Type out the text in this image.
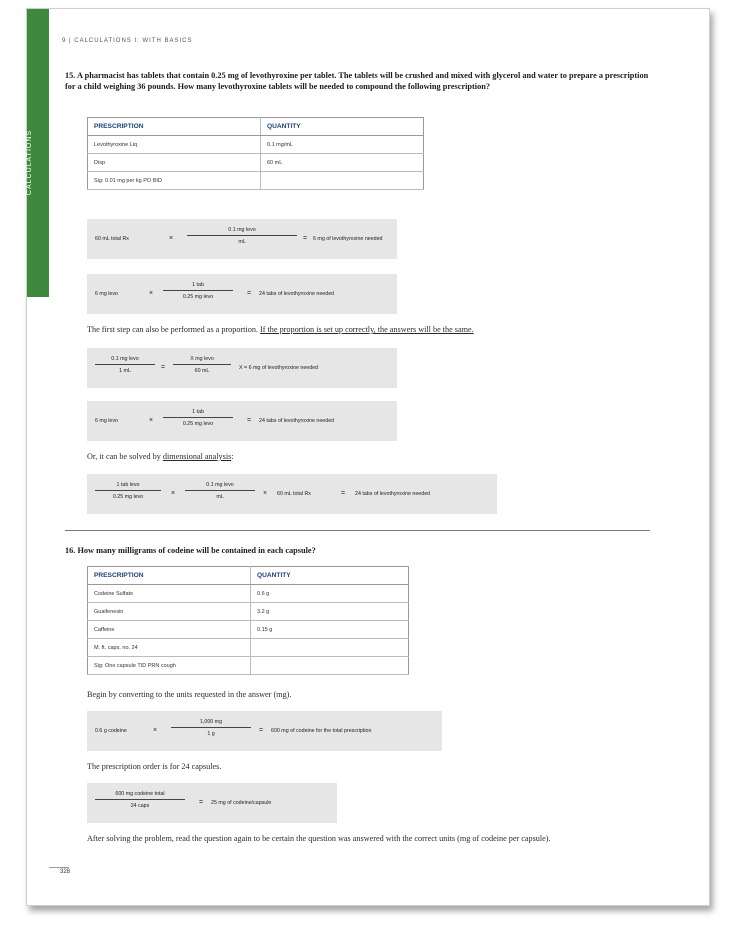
CALCULATIONS
9 | CALCULATIONS I: WITH BASICS
15. A pharmacist has tablets that contain 0.25 mg of levothyroxine per tablet. The tablets will be crushed and mixed with glycerol and water to prepare a prescription for a child weighing 36 pounds. How many levothyroxine tablets will be needed to compound the following prescription?
PRESCRIPTION	QUANTITY
Levothyroxine Liq	0.1 mg/mL
Disp	60 mL
Sig: 0.01 mg per kg PO BID	
60 mL total Rx	×
0.1 mg levo
mL	= 6 mg of levothyroxine needed
6 mg levo	×
1 tab
0.25 mg levo	= 24 tabs of levothyroxine needed
The first step can also be performed as a proportion. If the proportion is set up correctly, the answers will be the same.
0.1 mg levo
1 mL	=
X mg levo
60 mL	X = 6 mg of levothyroxine needed
6 mg levo	×
1 tab
0.25 mg levo	= 24 tabs of levothyroxine needed
Or, it can be solved by dimensional analysis:
1 tab levo
0.25 mg levo	×
0.1 mg levo
mL	× 60 mL total Rx	= 24 tabs of levothyroxine needed
16. How many milligrams of codeine will be contained in each capsule?
PRESCRIPTION	QUANTITY
Codeine Sulfate	0.6 g
Guaifenesin	3.2 g
Caffeine	0.15 g
M. ft. caps. no. 24	
Sig: One capsule TID PRN cough	
Begin by converting to the units requested in the answer (mg).
0.6 g codeine	×	$\frac{1,000 mg}{1 g} = 600$ mg of codeine for the total prescription
The prescription order is for 24 capsules.
600 mg codeine total
24 caps	= 25 mg of codeine/capsule
After solving the problem, read the question again to be certain the question was answered with the correct units (mg of codeine per capsule).
328
